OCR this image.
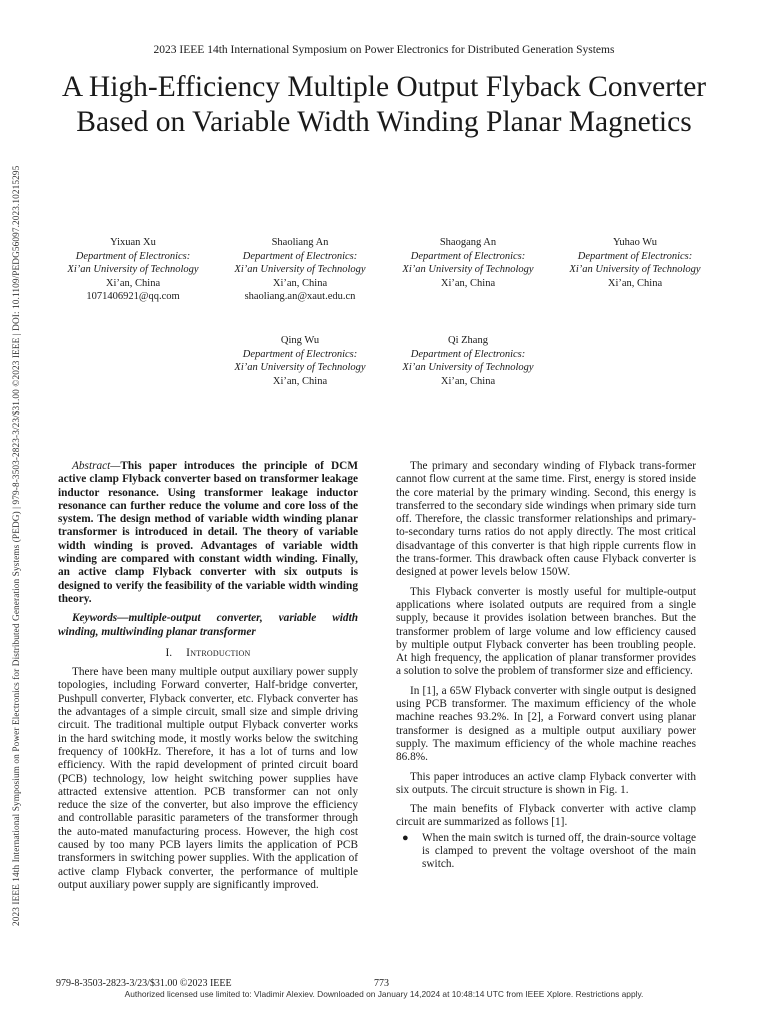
2023 IEEE 14th International Symposium on Power Electronics for Distributed Generation Systems (PEDG) | 979-8-3503-2823-3/23/$31.00 ©2023 IEEE | DOI: 10.1109/PEDG56097.2023.10215295
2023 IEEE 14th International Symposium on Power Electronics for Distributed Generation Systems
A High-Efficiency Multiple Output Flyback Converter Based on Variable Width Winding Planar Magnetics
Yixuan Xu
Department of Electronics:
Xi’an University of Technology
Xi’an, China
1071406921@qq.com
Shaoliang An
Department of Electronics:
Xi’an University of Technology
Xi’an, China
shaoliang.an@xaut.edu.cn
Shaogang An
Department of Electronics:
Xi’an University of Technology
Xi’an, China
Yuhao Wu
Department of Electronics:
Xi’an University of Technology
Xi’an, China
Qing Wu
Department of Electronics:
Xi’an University of Technology
Xi’an, China
Qi Zhang
Department of Electronics:
Xi’an University of Technology
Xi’an, China

Abstract—This paper introduces the principle of DCM active clamp Flyback converter based on transformer leakage inductor resonance. Using transformer leakage inductor resonance can further reduce the volume and core loss of the system. The design method of variable width winding planar transformer is introduced in detail. The theory of variable width winding is proved. Advantages of variable width winding are compared with constant width winding. Finally, an active clamp Flyback converter with six outputs is designed to verify the feasibility of the variable width winding theory.

Keywords—multiple-output converter, variable width winding, multiwinding planar transformer

I. Introduction

There have been many multiple output auxiliary power supply topologies, including Forward converter, Half-bridge converter, Pushpull converter, Flyback converter, etc. Flyback converter has the advantages of a simple circuit, small size and simple driving circuit. The traditional multiple output Flyback converter works in the hard switching mode, it mostly works below the switching frequency of 100kHz. Therefore, it has a lot of turns and low efficiency. With the rapid development of printed circuit board (PCB) technology, low height switching power supplies have attracted extensive attention. PCB transformer can not only reduce the size of the converter, but also improve the efficiency and controllable parasitic parameters of the transformer through the auto-mated manufacturing process. However, the high cost caused by too many PCB layers limits the application of PCB transformers in switching power supplies. With the application of active clamp Flyback converter, the performance of multiple output auxiliary power supply are significantly improved.

The primary and secondary winding of Flyback trans-former cannot flow current at the same time. First, energy is stored inside the core material by the primary winding. Second, this energy is transferred to the secondary side windings when primary side turn off. Therefore, the classic transformer relationships and primary-to-secondary turns ratios do not apply directly. The most critical disadvantage of this converter is that high ripple currents flow in the trans-former. This drawback often cause Flyback converter is designed at power levels below 150W.

This Flyback converter is mostly useful for multiple-output applications where isolated outputs are required from a single supply, because it provides isolation between branches. But the transformer problem of large volume and low efficiency caused by multiple output Flyback converter has been troubling people. At high frequency, the application of planar transformer provides a solution to solve the problem of transformer size and efficiency.

In [1], a 65W Flyback converter with single output is designed using PCB transformer. The maximum efficiency of the whole machine reaches 93.2%. In [2], a Forward convert using planar transformer is designed as a multiple output auxiliary power supply. The maximum efficiency of the whole machine reaches 86.8%.

This paper introduces an active clamp Flyback converter with six outputs. The circuit structure is shown in Fig. 1.

The main benefits of Flyback converter with active clamp circuit are summarized as follows [1].

●	When the main switch is turned off, the drain-source voltage is clamped to prevent the voltage overshoot of the main switch.
979-8-3503-2823-3/23/$31.00 ©2023 IEEE	773
Authorized licensed use limited to: Vladimir Alexiev. Downloaded on January 14,2024 at 10:48:14 UTC from IEEE Xplore. Restrictions apply.
